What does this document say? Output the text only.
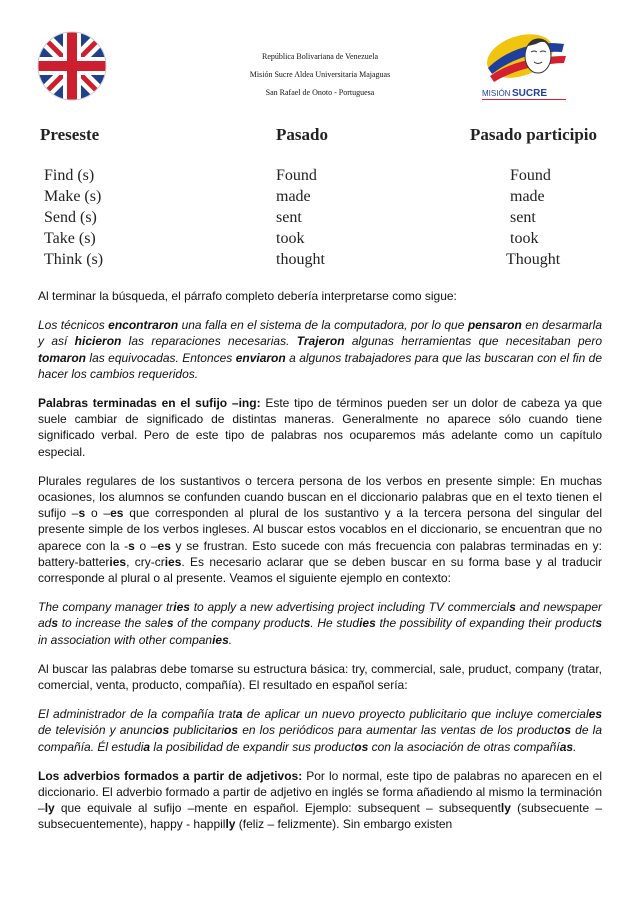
República Bolivariana de Venezuela
Misión Sucre Aldea Universitaria Majaguas
San Rafael de Onoto - Portuguesa	MISIÓN SUCRE
Preseste	Pasado	Pasado participio
Find (s)	Found	Found
Make (s)	made	made
Send (s)	sent	sent
Take (s)	took	took
Think (s)	thought	Thought

Al terminar la búsqueda, el párrafo completo debería interpretarse como sigue:

Los técnicos encontraron una falla en el sistema de la computadora, por lo que pensaron en desarmarla y así hicieron las reparaciones necesarias. Trajeron algunas herramientas que necesitaban pero tomaron las equivocadas. Entonces enviaron a algunos trabajadores para que las buscaran con el fin de hacer los cambios requeridos.

Palabras terminadas en el sufijo –ing: Este tipo de términos pueden ser un dolor de cabeza ya que suele cambiar de significado de distintas maneras. Generalmente no aparece sólo cuando tiene significado verbal. Pero de este tipo de palabras nos ocuparemos más adelante como un capítulo especial.

Plurales regulares de los sustantivos o tercera persona de los verbos en presente simple: En muchas ocasiones, los alumnos se confunden cuando buscan en el diccionario palabras que en el texto tienen el sufijo –s o –es que corresponden al plural de los sustantivo y a la tercera persona del singular del presente simple de los verbos ingleses. Al buscar estos vocablos en el diccionario, se encuentran que no aparece con la -s o –es y se frustran. Esto sucede con más frecuencia con palabras terminadas en y: battery-batteries, cry-cries. Es necesario aclarar que se deben buscar en su forma base y al traducir corresponde al plural o al presente. Veamos el siguiente ejemplo en contexto:

The company manager tries to apply a new advertising project including TV commercials and newspaper ads to increase the sales of the company products. He studies the possibility of expanding their products in association with other companies.

Al buscar las palabras debe tomarse su estructura básica: try, commercial, sale, pruduct, company (tratar, comercial, venta, producto, compañía). El resultado en español sería:

El administrador de la compañía trata de aplicar un nuevo proyecto publicitario que incluye comerciales de televisión y anuncios publicitarios en los periódicos para aumentar las ventas de los productos de la compañía. Él estudia la posibilidad de expandir sus productos con la asociación de otras compañías.

Los adverbios formados a partir de adjetivos: Por lo normal, este tipo de palabras no aparecen en el diccionario. El adverbio formado a partir de adjetivo en inglés se forma añadiendo al mismo la terminación –ly que equivale al sufijo –mente en español. Ejemplo: subsequent – subsequently (subsecuente – subsecuentemente), happy - happilly (feliz – felizmente). Sin embargo existen
